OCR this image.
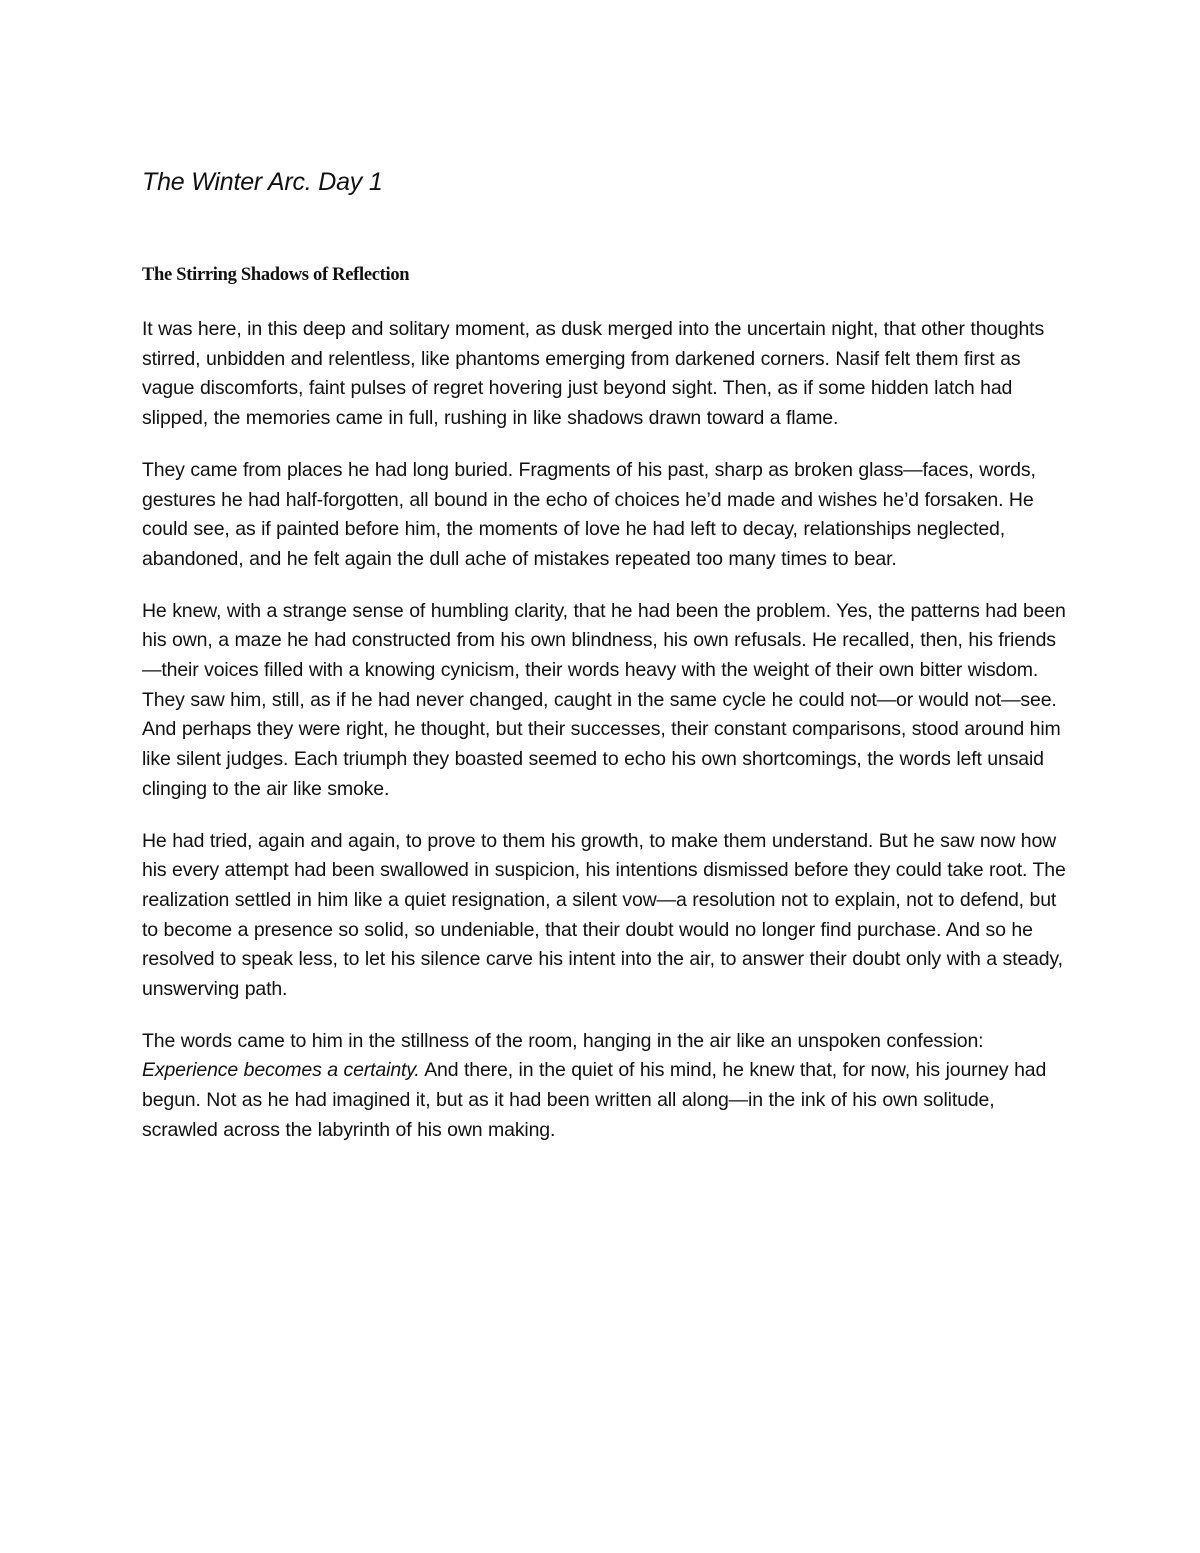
The Winter Arc. Day 1
The Stirring Shadows of Reflection

It was here, in this deep and solitary moment, as dusk merged into the uncertain night, that other thoughts stirred, unbidden and relentless, like phantoms emerging from darkened corners. Nasif felt them first as vague discomforts, faint pulses of regret hovering just beyond sight. Then, as if some hidden latch had slipped, the memories came in full, rushing in like shadows drawn toward a flame.

They came from places he had long buried. Fragments of his past, sharp as broken glass—faces, words, gestures he had half-forgotten, all bound in the echo of choices he’d made and wishes he’d forsaken. He could see, as if painted before him, the moments of love he had left to decay, relationships neglected, abandoned, and he felt again the dull ache of mistakes repeated too many times to bear.

He knew, with a strange sense of humbling clarity, that he had been the problem. Yes, the patterns had been his own, a maze he had constructed from his own blindness, his own refusals. He recalled, then, his friends—their voices filled with a knowing cynicism, their words heavy with the weight of their own bitter wisdom. They saw him, still, as if he had never changed, caught in the same cycle he could not—or would not—see. And perhaps they were right, he thought, but their successes, their constant comparisons, stood around him like silent judges. Each triumph they boasted seemed to echo his own shortcomings, the words left unsaid clinging to the air like smoke.

He had tried, again and again, to prove to them his growth, to make them understand. But he saw now how his every attempt had been swallowed in suspicion, his intentions dismissed before they could take root. The realization settled in him like a quiet resignation, a silent vow—a resolution not to explain, not to defend, but to become a presence so solid, so undeniable, that their doubt would no longer find purchase. And so he resolved to speak less, to let his silence carve his intent into the air, to answer their doubt only with a steady, unswerving path.

The words came to him in the stillness of the room, hanging in the air like an unspoken confession: Experience becomes a certainty. And there, in the quiet of his mind, he knew that, for now, his journey had begun. Not as he had imagined it, but as it had been written all along—in the ink of his own solitude, scrawled across the labyrinth of his own making.
